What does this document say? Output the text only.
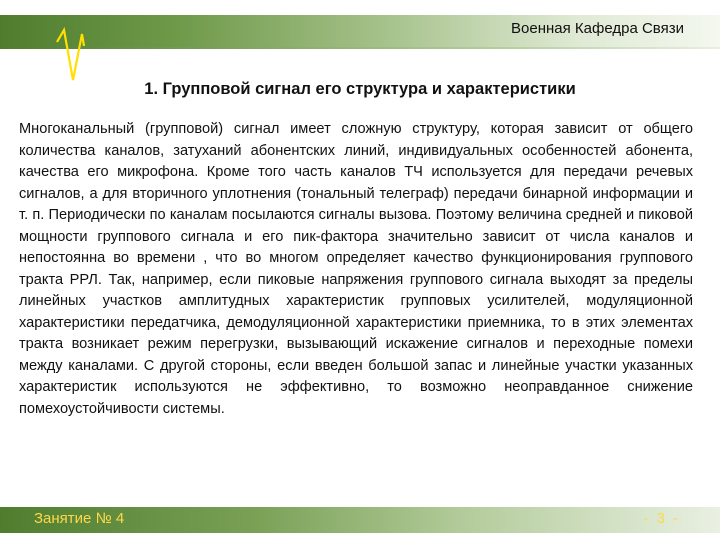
Военная Кафедра Связи
1. Групповой сигнал его структура и характеристики

Многоканальный (групповой) сигнал имеет сложную структуру, которая зависит от общего количества каналов, затуханий абонентских линий, индивидуальных особенностей абонента, качества его микрофона. Кроме того часть каналов ТЧ используется для передачи речевых сигналов, а для вторичного уплотнения (тональный телеграф) передачи бинарной информации и т. п. Периодически по каналам посылаются сигналы вызова. Поэтому величина средней и пиковой мощности группового сигнала и его пик-фактора значительно зависит от числа каналов и непостоянна во времени , что во многом определяет качество функционирования группового тракта РРЛ. Так, например, если пиковые напряжения группового сигнала выходят за пределы линейных участков амплитудных характеристик групповых усилителей, модуляционной характеристики передатчика, демодуляционной характеристики приемника, то в этих элементах тракта возникает режим перегрузки, вызывающий искажение сигналов и переходные помехи между каналами. С другой стороны, если введен большой запас и линейные участки указанных характеристик используются не эффективно, то возможно неоправданное снижение помехоустойчивости системы.

Занятие № 4	- 3 -
